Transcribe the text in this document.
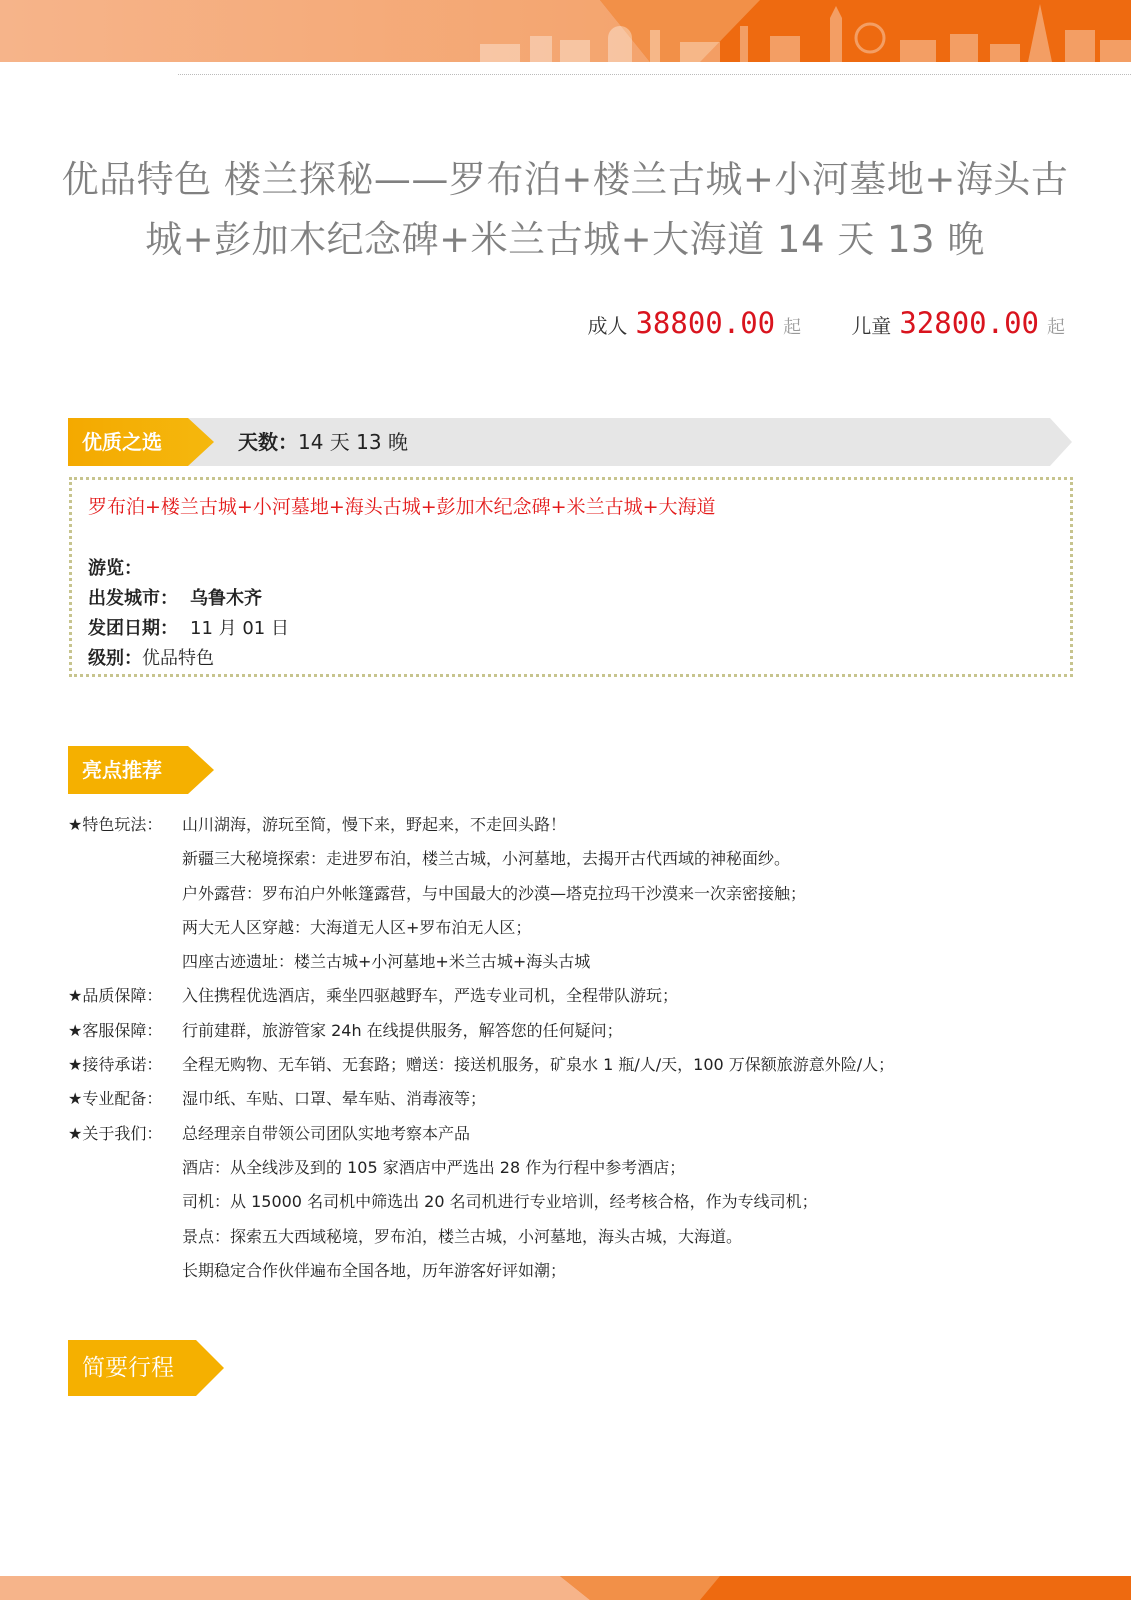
优品特色 楼兰探秘——罗布泊+楼兰古城+小河墓地+海头古
城+彭加木纪念碑+米兰古城+大海道 14 天 13 晚
成人 38800.00 起	儿童 32800.00 起
优质之选	天数：14 天 13 晚
罗布泊+楼兰古城+小河墓地+海头古城+彭加木纪念碑+米兰古城+大海道
游览：
出发城市： 乌鲁木齐
发团日期： 11 月 01 日
级别：优品特色
亮点推荐
★特色玩法： 山川湖海，游玩至简，慢下来，野起来，不走回头路！
新疆三大秘境探索：走进罗布泊，楼兰古城，小河墓地，去揭开古代西域的神秘面纱。
户外露营：罗布泊户外帐篷露营，与中国最大的沙漠—塔克拉玛干沙漠来一次亲密接触；
两大无人区穿越：大海道无人区+罗布泊无人区；
四座古迹遗址：楼兰古城+小河墓地+米兰古城+海头古城
★品质保障： 入住携程优选酒店，乘坐四驱越野车，严选专业司机，全程带队游玩；
★客服保障： 行前建群，旅游管家 24h 在线提供服务，解答您的任何疑问；
★接待承诺： 全程无购物、无车销、无套路；赠送：接送机服务，矿泉水 1 瓶/人/天，100 万保额旅游意外险/人；
★专业配备： 湿巾纸、车贴、口罩、晕车贴、消毒液等；
★关于我们： 总经理亲自带领公司团队实地考察本产品
酒店：从全线涉及到的 105 家酒店中严选出 28 作为行程中参考酒店；
司机：从 15000 名司机中筛选出 20 名司机进行专业培训，经考核合格，作为专线司机；
景点：探索五大西域秘境，罗布泊，楼兰古城，小河墓地，海头古城，大海道。
长期稳定合作伙伴遍布全国各地，历年游客好评如潮；
简要行程
